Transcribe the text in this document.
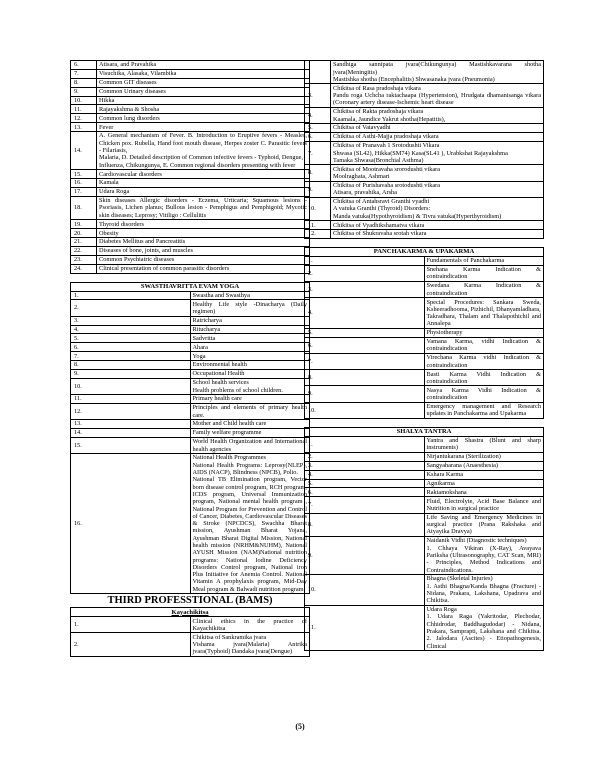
6.	Atisara, and Pravahika
7.	Visuchika, Alasaka, Vilambika
8.	Common GIT diseases
9.	Common Urinary diseases
10.	Hikka
11.	Rajayakshma & Shosha
12.	Common lung disorders
13.	Fever
14.	A. General mechanism of Fever. B. Introduction to Eruptive fevers - Measles, Chicken pox. Rubella, Hand foot mouth disease, Herpes zoster C. Parasitic fevers - Filariasis,
Malaria, D. Detailed description of Common infective fevers - Typhoid, Dengue,
Influenza, Chikungunya, E. Common regional disorders presenting with fever
15.	Cardiovascular disorders
16.	Kamala
17.	Udara Roga
18.	Skin diseases Allergic disorders - Eczema, Urticaria; Squamous lesions - Psoriasis, Lichen planus; Bullous lesion - Pemphigus and Pemphigoid; Mycotic skin diseases; Leprosy; Vitiligo : Cellulitis
19.	Thyroid disorders
20.	Obesity
21.	Diabetes Mellitus and Pancreatitis
22.	Diseases of bone, joints, and muscles
23.	Common Psychiatric diseases
24.	Clinical presentation of common parasitic disorders
SWASTHAVRITTA EVAM YOGA	
1.	Swastha and Swasthya
2.	Healthy Life style -Dinacharya (Daily regimen)
3.	Ratricharya
4.	Ritucharya
5.	Sadvritta
6.	Ahara
7.	Yoga
8.	Environmental health
9.	Occupational Health
10.	School health services
Health problems of school children.
11.	Primary health care
12.	Principles and elements of primary health care.
13.	Mother and Child health care
14.	Family welfare programme
15.	World Health Organization and International health agencies
16.	National Health Programmes
National Health Programs: Leprosy(NLEP), AIDS (NACP), Blindness (NPCB), Polio.
National TB Elimination program, Vector born disease control program, RCH program, ICDS program, Universal Immunization program, National mental health program , National Program for Prevention and Control of Cancer, Diabetes, Cardiovascular Diseases & Stroke (NPCDCS), Swachha Bharat mission, Ayushman Bharat Yojana, Ayushman Bharat Digital Mission, National health mission (NRHM&NUHM), National AYUSH Mission (NAM)National nutrition programs: National Iodine Deficiency Disorders Control program, National iron Plus Initiative for Anemia Control. National Vitamin A prophylaxis program, Mid-Day Meal program & Balwadi nutrition program.
THIRD PROFESSTIONAL (BAMS)
Kayachikitsa	
1.	Clinical ethics in the practice of Kayachikitsa
2.	Chikitsa of Sankramika jvara
Vishama jvara(Malaria) Antrika jvara(Typhoid) Dandaka jvara(Dengue)
	Sandhiga sannipata jvara(Chikungunya) Mastishkavarana shotha jvara(Meningitis)
Mastishka shotha (Encephalitis) Shwasanaka jvara (Pneumonia)
3.	Chikitsa of Rasa pradoshaja vikara
Pandu roga Uchcha raktachaapa (Hypertension), Hrudgata dhamanisanga vikara (Coronary artery disease-Ischemic heart disease
4.	Chikitsa of Rakta pradoshaja vikara
Kaamala, Jaundice Yakrut shotha(Hepatitis),
5.	Chikitsa of Vatavyadhi
6.	Chikitsa of Asthi-Majja pradoshaja vikara
7.	Chikitsa of Pranavah 1 Srotodushti Vikara
Shwasa (SL42), Hikka(SM74) Kasa(SL41 ), Urabkshat Rajayakshma
Tamaka Shwasa(Bronchial Asthma)
8.	Chikitsa of Mootravaha srorodushti vikara
Moolraghata, Ashmari
9.	Chikitsa of Purishavaha srotodushti vikara
Atisara, pravahika, Arsha
10.	Chikitsa of Antahsravi Granthi vyadhi
A vatuka Granthi (Thyroid) Disorders:
Manda vatuka(Hypothyroidism) & Tivra vatuka(Hyperthyroidism)
11.	Chikitsa of Vyadhikshamatva vikara
12.	Chikitsa of Shukravaha srotah vikara
PANCHAKARMA & UPAKARMA	
1.	Fundamentals of Panchakarma
2.	Snehana Karma Indication & contraindication
3.	Swedana Karma Indication & contraindication
4.	Special Procedures: Sankara Sweda, Ksheeradhooma, Pizhichil, Dhanyamladhara,
Takradhara, Thalam and Thalapothichil and Annalepa
5.	Physiotherapy
6.	Vamana Karma, vidhi Indication & contraindication
7.	Virechana Karma vidhi Indication & contraindication
8.	Basti Karma Vidhi Indication & contraindication
9.	Nasya Karma Vidhi Indication & contraindication
10.	Emergency management and Research updates in Panchakarma and Upakarma
SHALYA TANTRA	
1.	Yantra and Shastra (Blunt and sharp instruments)
2.	Nirjantukarana (Sterilization)
3.	Sangyaharana (Anaesthesia)
4.	Kshara Karma
5.	Agnikarma
6.	Raktamokshana
7.	Fluid, Electrolyte, Acid Base Balance and Nutrition in surgical practice
8.	Life Saving and Emergency Medicines in surgical practice (Prana Rakshaka and Atyayika Dravya)
9.	Naidanik Vidhi (Diagnostic techniques)
1. Chhaya Vikiran (X-Ray), Avayava Pariksha (Ultrasonography, CAT Scan, MRI) - Principles, Method Indications and Contraindications.
10.	Bhagna (Skeletal Injuries)
1. Asthi Bhagna/Kanda Bhagna (Fracture) - Nidana, Prakara, Lakshana, Upadrava and Chikitsa.
11.	Udara Roga
1. Udara Raga (Yakritodar, Plechodar, Chhidrodar, Baddhagudodar) - Nidana, Prakara, Samprapti, Lakshana and Chikitsa. 2. Jalodara (Ascites) - Etiopathogenesis, Clinical
(5)
